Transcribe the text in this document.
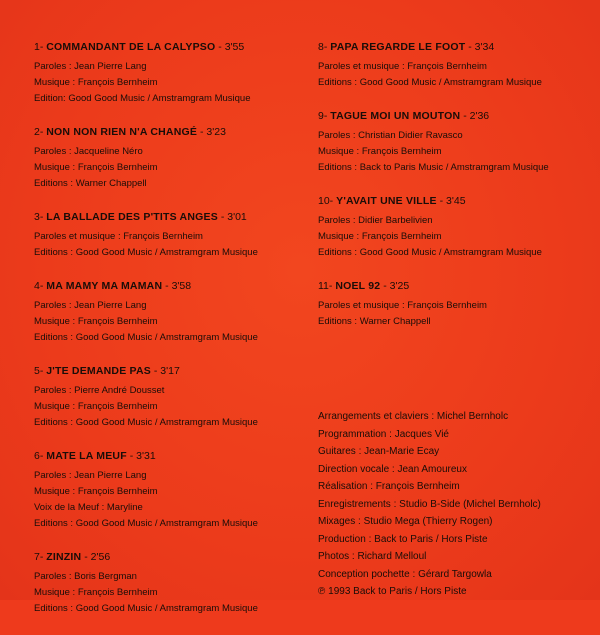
1- COMMANDANT DE LA CALYPSO - 3'55
Paroles : Jean Pierre Lang
Musique : François Bernheim
Edition: Good Good Music / Amstramgram Musique
2- NON NON RIEN N'A CHANGÉ - 3'23
Paroles : Jacqueline Néro
Musique : François Bernheim
Editions : Warner Chappell
3- LA BALLADE DES P'TITS ANGES - 3'01
Paroles et musique : François Bernheim
Editions : Good Good Music / Amstramgram Musique
4- MA MAMY MA MAMAN - 3'58
Paroles : Jean Pierre Lang
Musique : François Bernheim
Editions : Good Good Music / Amstramgram Musique
5- J'TE DEMANDE PAS - 3'17
Paroles : Pierre André Dousset
Musique : François Bernheim
Editions : Good Good Music / Amstramgram Musique
6- MATE LA MEUF - 3'31
Paroles : Jean Pierre Lang
Musique : François Bernheim
Voix de la Meuf : Maryline
Editions : Good Good Music / Amstramgram Musique
7- ZINZIN - 2'56
Paroles : Boris Bergman
Musique : François Bernheim
Editions : Good Good Music / Amstramgram Musique
8- PAPA REGARDE LE FOOT - 3'34
Paroles et musique : François Bernheim
Editions : Good Good Music / Amstramgram Musique
9- TAGUE MOI UN MOUTON - 2'36
Paroles : Christian Didier Ravasco
Musique : François Bernheim
Editions : Back to Paris Music / Amstramgram Musique
10- Y'AVAIT UNE VILLE - 3'45
Paroles : Didier Barbelivien
Musique : François Bernheim
Editions : Good Good Music / Amstramgram Musique
11- NOEL 92 - 3'25
Paroles et musique : François Bernheim
Editions : Warner Chappell
Arrangements et claviers : Michel Bernholc
Programmation : Jacques Vié
Guitares : Jean-Marie Ecay
Direction vocale : Jean Amoureux
Réalisation : François Bernheim
Enregistrements : Studio B-Side (Michel Bernholc)
Mixages : Studio Mega (Thierry Rogen)
Production : Back to Paris / Hors Piste
Photos : Richard Melloul
Conception pochette : Gérard Targowla
℗ 1993 Back to Paris / Hors Piste
